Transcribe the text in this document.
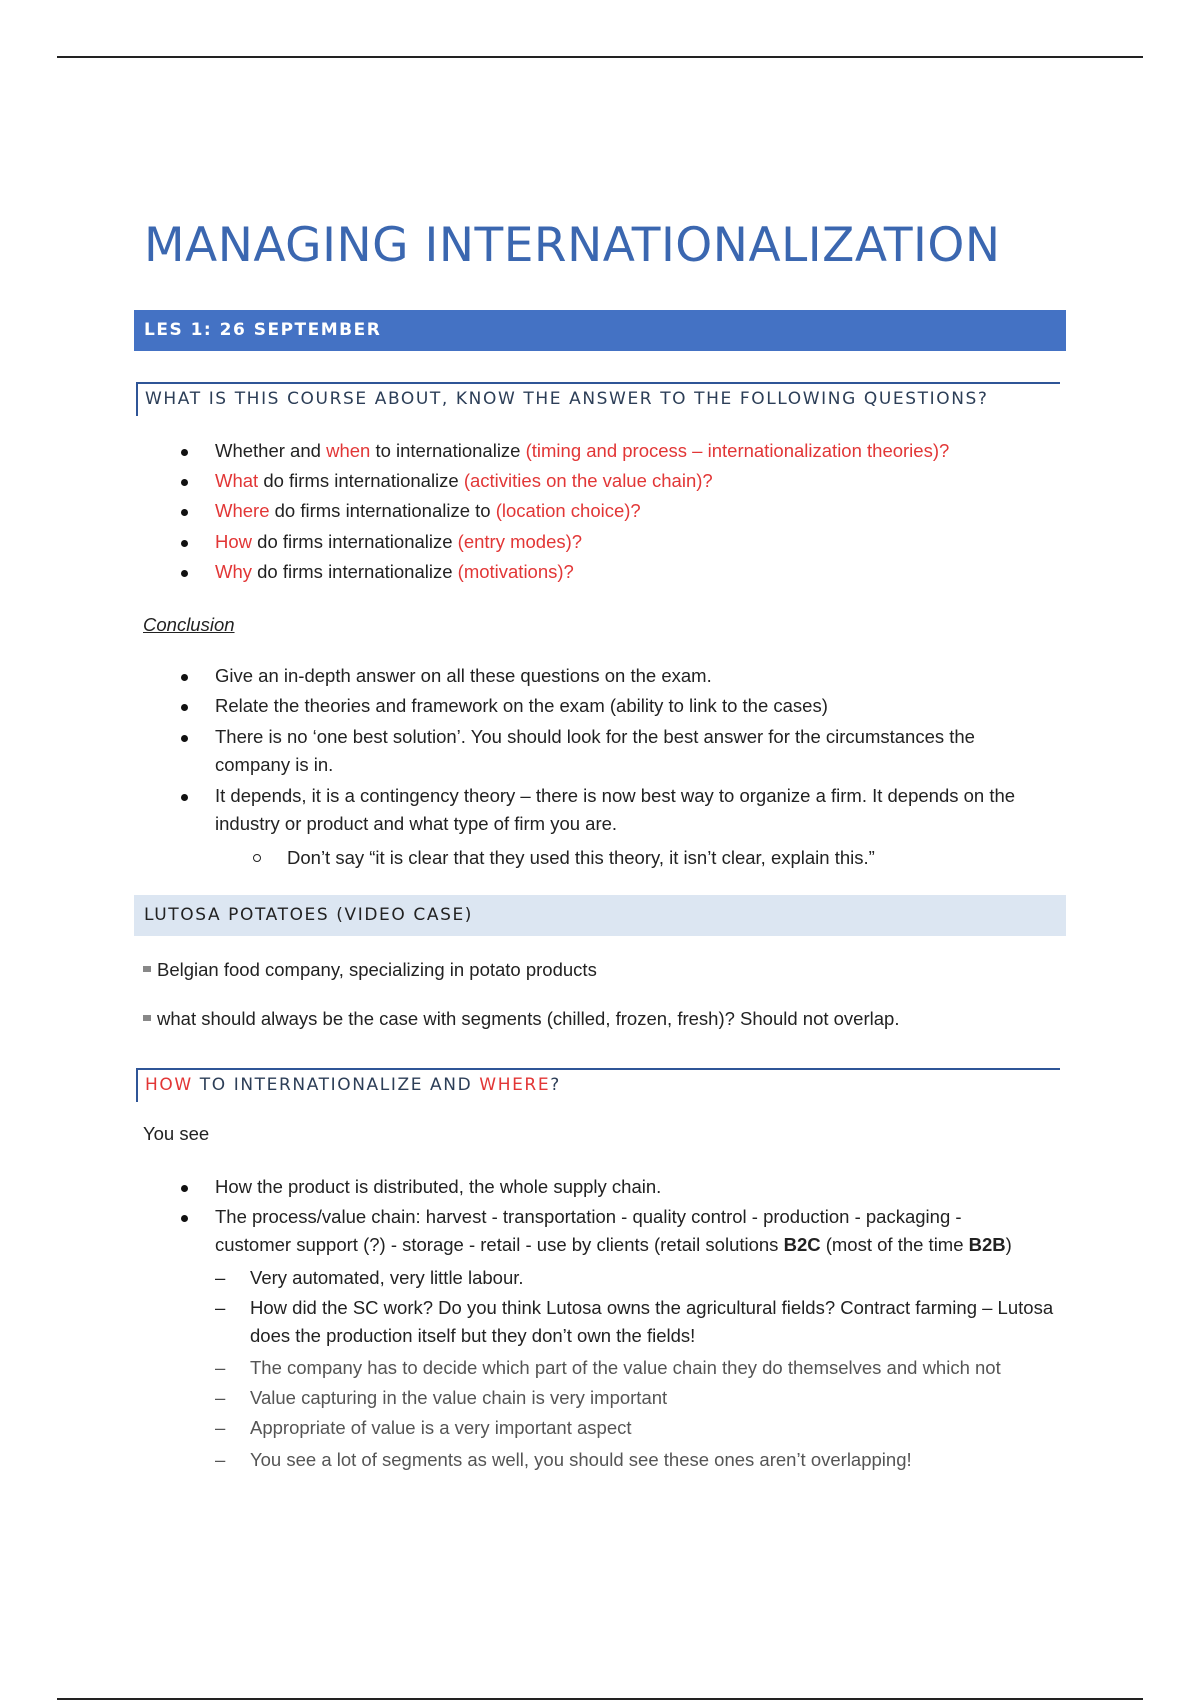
MANAGING INTERNATIONALIZATION
LES 1: 26 SEPTEMBER
WHAT IS THIS COURSE ABOUT, KNOW THE ANSWER TO THE FOLLOWING QUESTIONS?
Whether and when to internationalize (timing and process – internationalization theories)?
What do firms internationalize (activities on the value chain)?
Where do firms internationalize to (location choice)?
How do firms internationalize (entry modes)?
Why do firms internationalize (motivations)?
Conclusion
Give an in-depth answer on all these questions on the exam.
Relate the theories and framework on the exam (ability to link to the cases)
There is no ‘one best solution’. You should look for the best answer for the circumstances the company is in.
It depends, it is a contingency theory – there is now best way to organize a firm. It depends on the industry or product and what type of firm you are.
Don’t say “it is clear that they used this theory, it isn’t clear, explain this.”
LUTOSA POTATOES (VIDEO CASE)
Belgian food company, specializing in potato products
what should always be the case with segments (chilled, frozen, fresh)? Should not overlap.
HOW TO INTERNATIONALIZE AND WHERE?
You see
How the product is distributed, the whole supply chain.
The process/value chain: harvest - transportation - quality control - production - packaging - customer support (?) - storage - retail - use by clients (retail solutions B2C (most of the time B2B)
– Very automated, very little labour.
– How did the SC work? Do you think Lutosa owns the agricultural fields? Contract farming – Lutosa does the production itself but they don’t own the fields!
– The company has to decide which part of the value chain they do themselves and which not
– Value capturing in the value chain is very important
– Appropriate of value is a very important aspect
– You see a lot of segments as well, you should see these ones aren’t overlapping!
